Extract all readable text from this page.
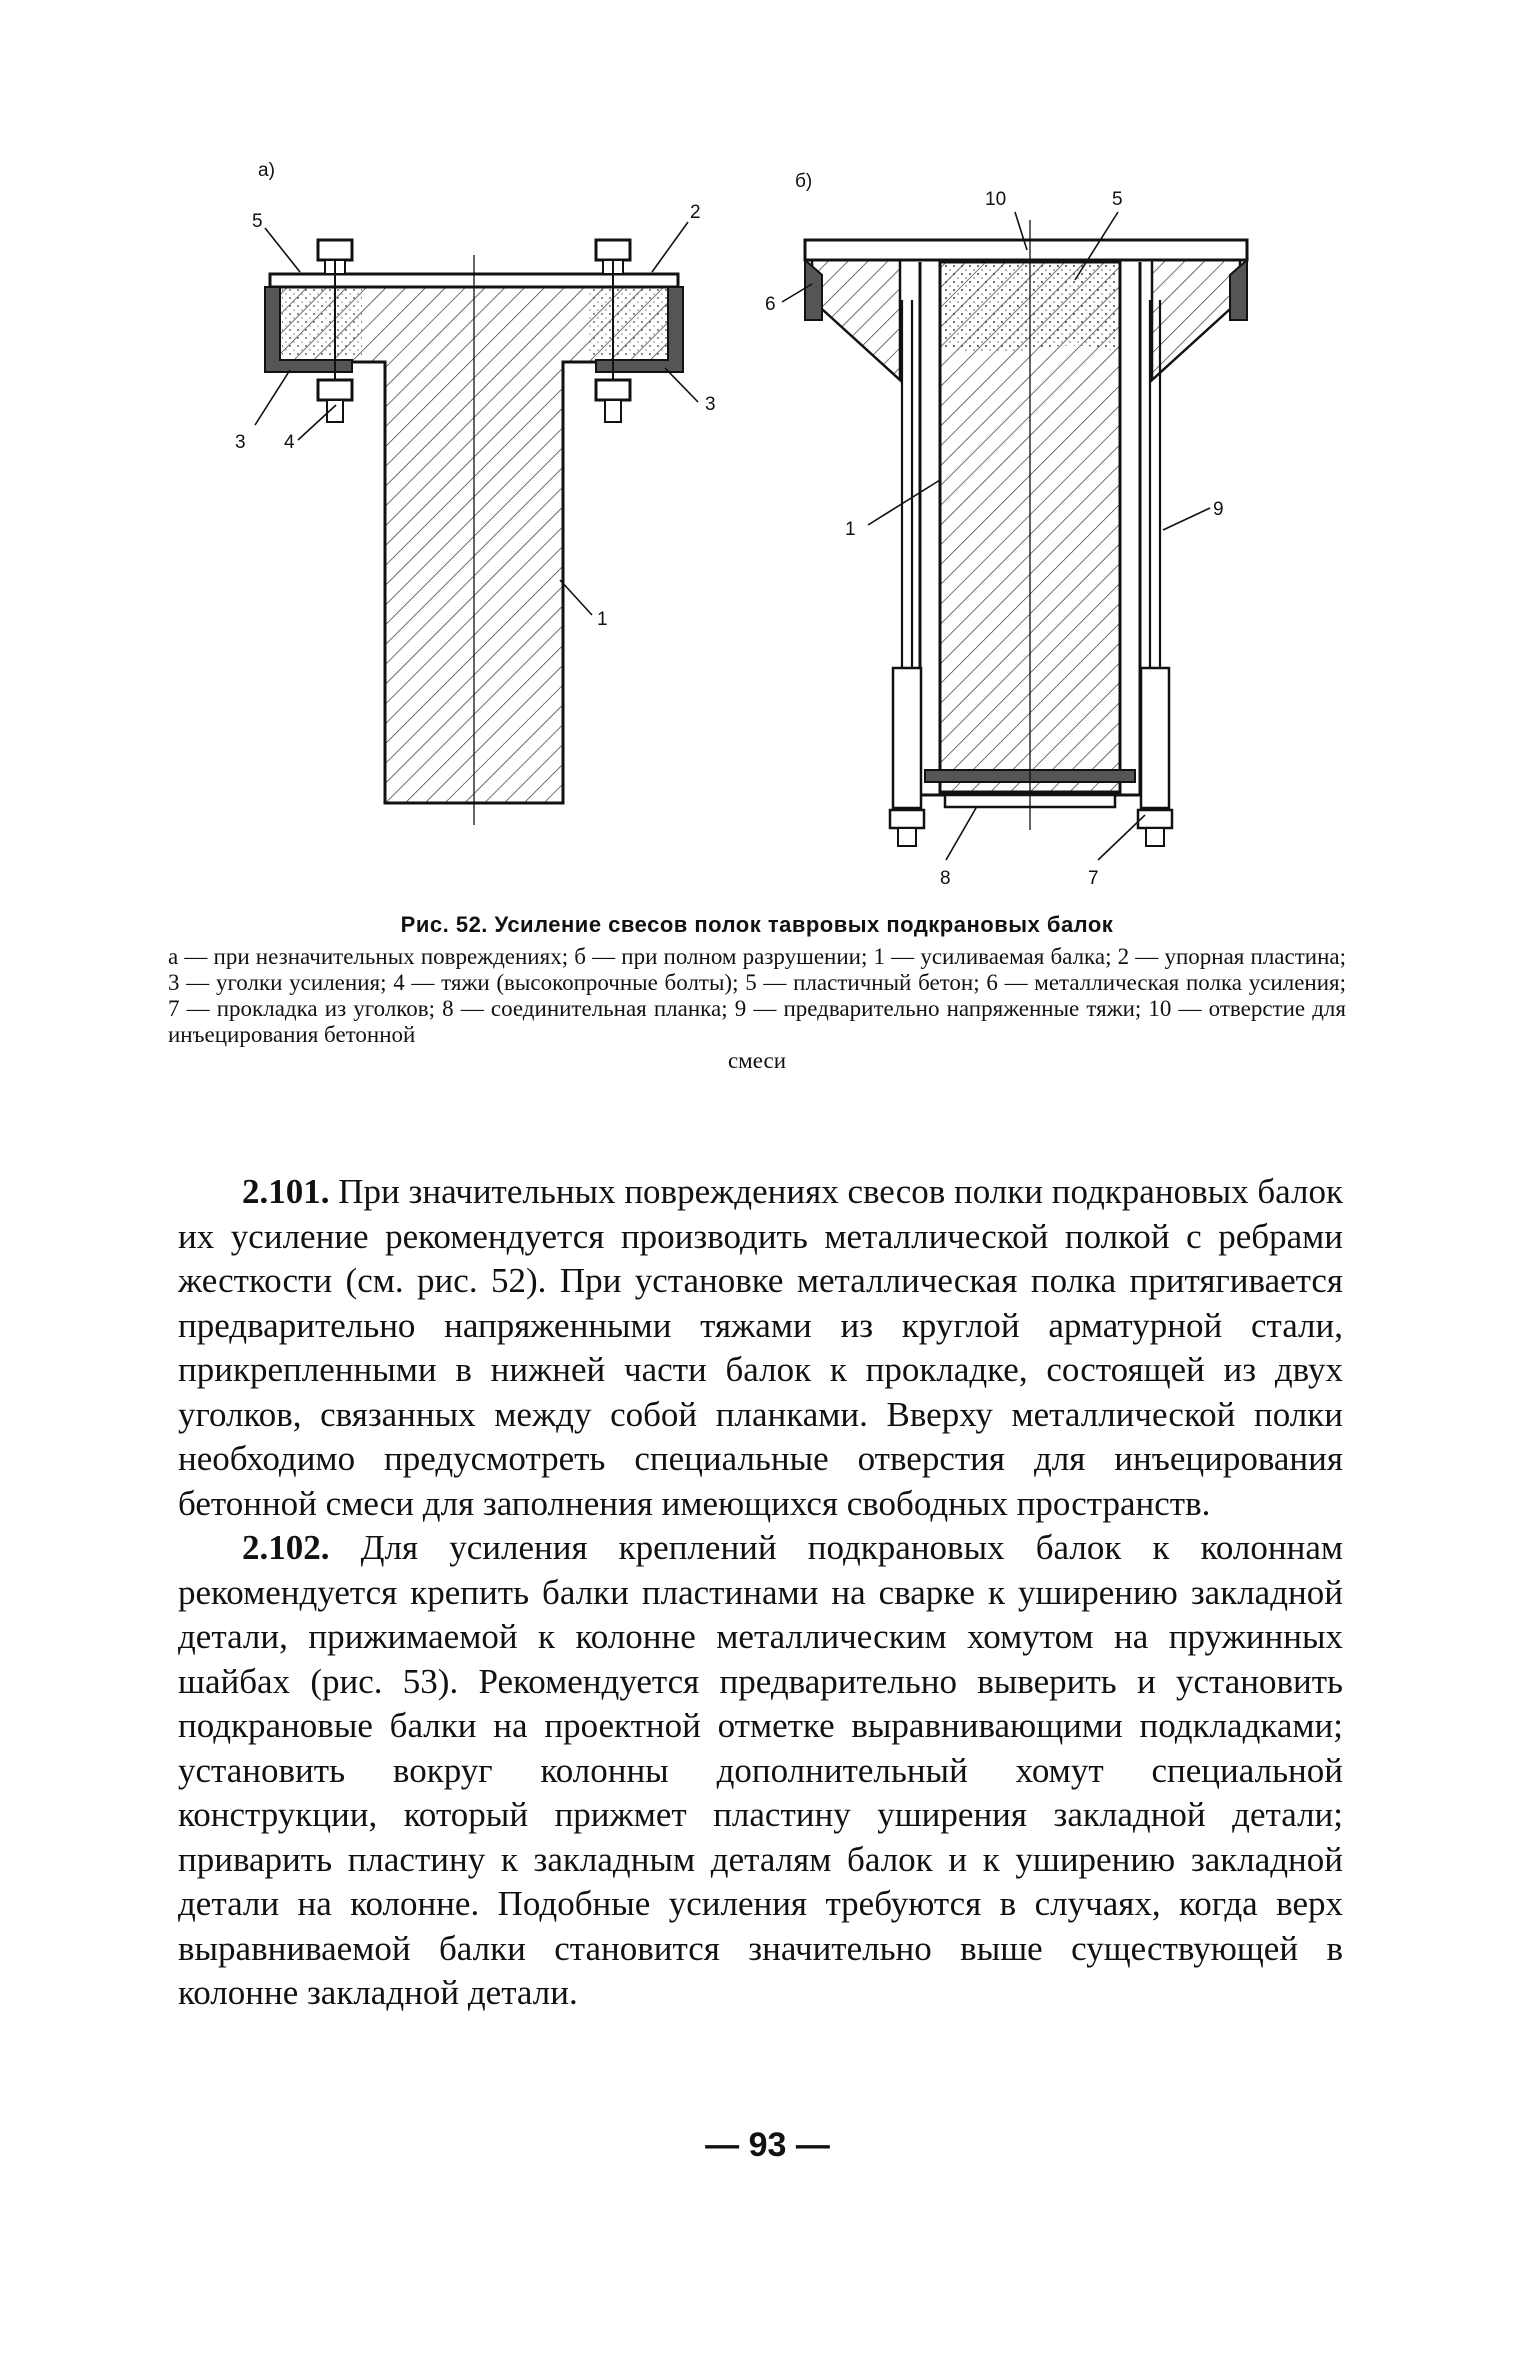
а)
5	2
3
4
3
1
б)
10	5
6
1
9
8	7
Рис. 52. Усиление свесов полок тавровых подкрановых балок
а — при незначительных повреждениях; б — при полном разрушении; 1 — усиливаемая балка; 2 — упорная пластина; 3 — уголки усиления; 4 — тяжи (высокопрочные болты); 5 — пластичный бетон; 6 — металлическая полка усиления; 7 — прокладка из уголков; 8 — соединительная планка; 9 — предварительно напряженные тяжи; 10 — отверстие для инъецирования бетонной
смеси

2.101. При значительных повреждениях свесов полки подкрановых балок их усиление рекомендуется производить металлической полкой с ребрами жесткости (см. рис. 52). При установке металлическая полка притягивается предварительно напряженными тяжами из круглой арматурной стали, прикрепленными в нижней части балок к прокладке, состоящей из двух уголков, связанных между собой планками. Вверху металлической полки необходимо предусмотреть специальные отверстия для инъецирования бетонной смеси для заполнения имеющихся свободных пространств.

2.102. Для усиления креплений подкрановых балок к колоннам рекомендуется крепить балки пластинами на сварке к уширению закладной детали, прижимаемой к колонне металлическим хомутом на пружинных шайбах (рис. 53). Рекомендуется предварительно выверить и установить подкрановые балки на проектной отметке выравнивающими подкладками; установить вокруг колонны дополнительный хомут специальной конструкции, который прижмет пластину уширения закладной детали; приварить пластину к закладным деталям балок и к уширению закладной детали на колонне. Подобные усиления требуются в случаях, когда верх выравниваемой балки становится значительно выше существующей в колонне закладной детали.

— 93 —
